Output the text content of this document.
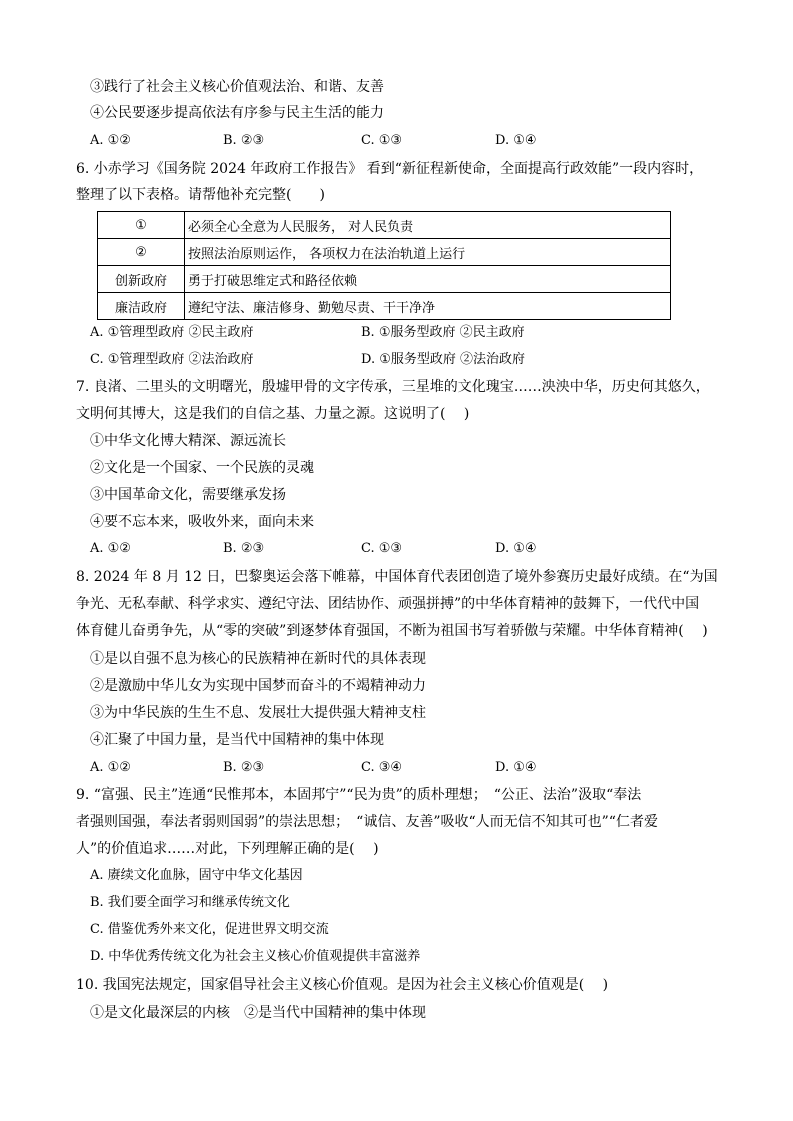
③践行了社会主义核心价值观法治、和谐、友善
④公民要逐步提高依法有序参与民主生活的能力
A. ①②	B. ②③	C. ①③	D. ①④
6. 小赤学习《国务院 2024 年政府工作报告》 看到“新征程新使命，全面提高行政效能”一段内容时，
整理了以下表格。请帮他补充完整(　　)
①	必须全心全意为人民服务， 对人民负责
②	按照法治原则运作， 各项权力在法治轨道上运行
创新政府	勇于打破思维定式和路径依赖
廉洁政府	遵纪守法、廉洁修身、勤勉尽责、干干净净
A. ①管理型政府 ②民主政府	B. ①服务型政府 ②民主政府
C. ①管理型政府 ②法治政府	D. ①服务型政府 ②法治政府
7. 良渚、二里头的文明曙光，殷墟甲骨的文字传承，三星堆的文化瑰宝……泱泱中华，历史何其悠久，
文明何其博大，这是我们的自信之基、力量之源。这说明了(　 )
①中华文化博大精深、源远流长
②文化是一个国家、一个民族的灵魂
③中国革命文化，需要继承发扬
④要不忘本来，吸收外来，面向未来
A. ①②	B. ②③	C. ①③	D. ①④
8. 2024 年 8 月 12 日，巴黎奥运会落下帷幕，中国体育代表团创造了境外参赛历史最好成绩。在“为国
争光、无私奉献、科学求实、遵纪守法、团结协作、顽强拼搏”的中华体育精神的鼓舞下，一代代中国
体育健儿奋勇争先，从“零的突破”到逐梦体育强国，不断为祖国书写着骄傲与荣耀。中华体育精神(　 )
①是以自强不息为核心的民族精神在新时代的具体表现
②是激励中华儿女为实现中国梦而奋斗的不竭精神动力
③为中华民族的生生不息、发展壮大提供强大精神支柱
④汇聚了中国力量，是当代中国精神的集中体现
A. ①②	B. ②③	C. ③④	D. ①④
9. “富强、民主”连通“民惟邦本，本固邦宁”“民为贵”的质朴理想；　“公正、法治”汲取“奉法
者强则国强，奉法者弱则国弱”的崇法思想；　“诚信、友善”吸收“人而无信不知其可也”“仁者爱
人”的价值追求……对此，下列理解正确的是(　 )
A. 赓续文化血脉，固守中华文化基因
B. 我们要全面学习和继承传统文化
C. 借鉴优秀外来文化，促进世界文明交流
D. 中华优秀传统文化为社会主义核心价值观提供丰富滋养
10. 我国宪法规定，国家倡导社会主义核心价值观。是因为社会主义核心价值观是(　 )
①是文化最深层的内核　②是当代中国精神的集中体现
